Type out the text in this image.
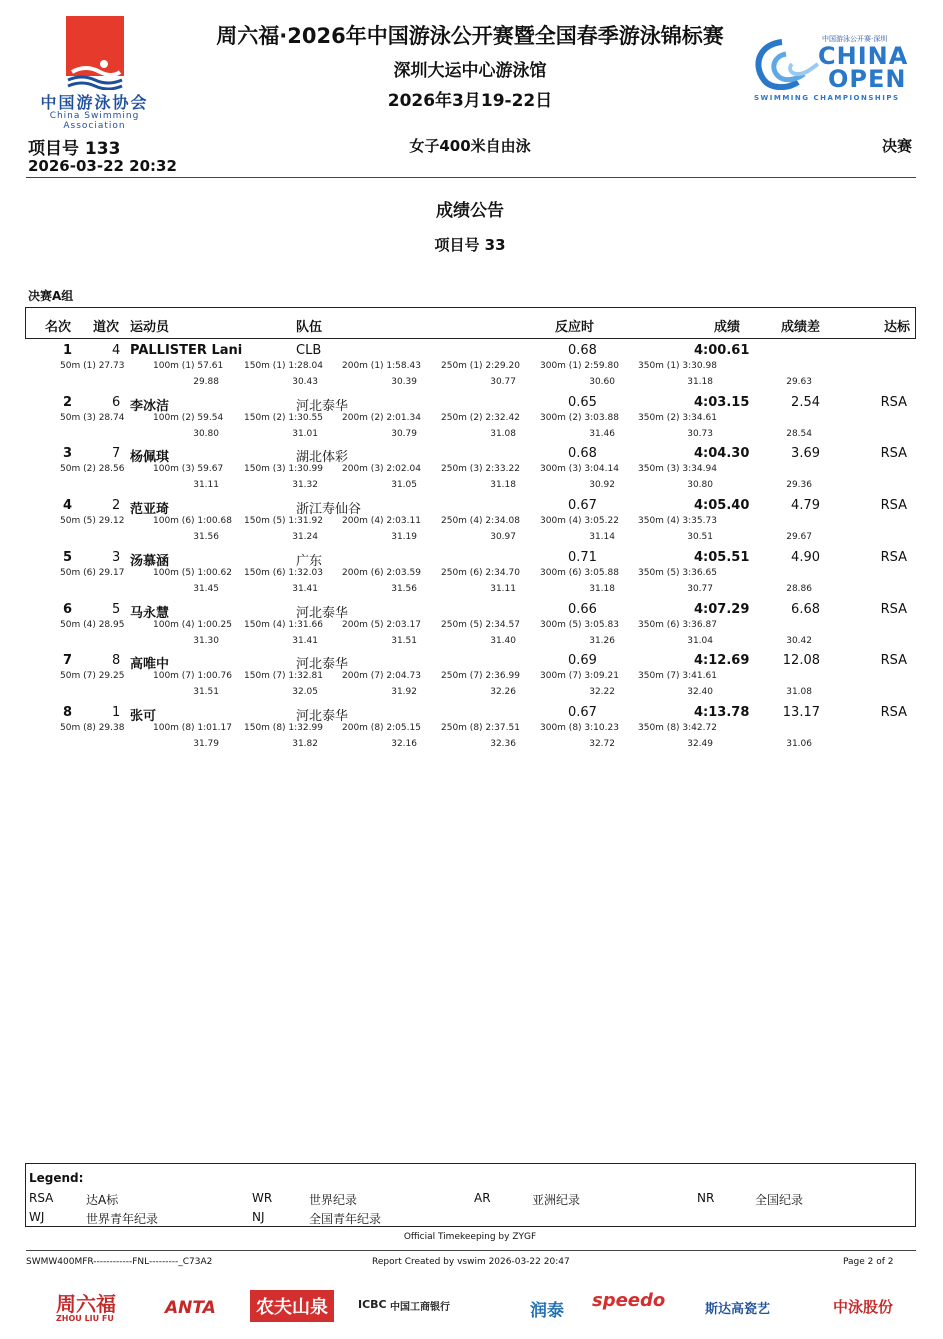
中国游泳协会
China Swimming Association
周六福·2026年中国游泳公开赛暨全国春季游泳锦标赛
深圳大运中心游泳馆
2026年3月19-22日
中国游泳公开赛·深圳
CHINA
OPEN
SWIMMING CHAMPIONSHIPS
项目号 133
2026-03-22 20:32
女子400米自由泳	决赛
成绩公告
项目号 33
决赛A组
名次 道次 运动员	队伍	反应时	成绩	成绩差	达标
1	4 PALLISTER Lani	CLB	0.68	4:00.61
50m (1) 27.73	100m (1) 57.61 150m (1) 1:28.04 200m (1) 1:58.43 250m (1) 2:29.20 300m (1) 2:59.80 350m (1) 3:30.98
29.88	30.43	30.39	30.77	30.60	31.18	29.63
2	6 李冰洁	河北泰华	0.65	4:03.15	2.54	RSA
50m (3) 28.74	100m (2) 59.54 150m (2) 1:30.55 200m (2) 2:01.34 250m (2) 2:32.42 300m (2) 3:03.88 350m (2) 3:34.61
30.80	31.01	30.79	31.08	31.46	30.73	28.54
3	7 杨佩琪	湖北体彩	0.68	4:04.30	3.69	RSA
50m (2) 28.56	100m (3) 59.67 150m (3) 1:30.99 200m (3) 2:02.04 250m (3) 2:33.22 300m (3) 3:04.14 350m (3) 3:34.94
31.11	31.32	31.05	31.18	30.92	30.80	29.36
4	2 范亚琦	浙江寿仙谷	0.67	4:05.40	4.79	RSA
50m (5) 29.12	100m (6) 1:00.68 150m (5) 1:31.92 200m (4) 2:03.11 250m (4) 2:34.08 300m (4) 3:05.22 350m (4) 3:35.73
31.56	31.24	31.19	30.97	31.14	30.51	29.67
5	3 汤慕涵	广东	0.71	4:05.51	4.90	RSA
50m (6) 29.17	100m (5) 1:00.62 150m (6) 1:32.03 200m (6) 2:03.59 250m (6) 2:34.70 300m (6) 3:05.88 350m (5) 3:36.65
31.45	31.41	31.56	31.11	31.18	30.77	28.86
6	5 马永慧	河北泰华	0.66	4:07.29	6.68	RSA
50m (4) 28.95	100m (4) 1:00.25 150m (4) 1:31.66 200m (5) 2:03.17 250m (5) 2:34.57 300m (5) 3:05.83 350m (6) 3:36.87
31.30	31.41	31.51	31.40	31.26	31.04	30.42
7	8 高唯中	河北泰华	0.69	4:12.69	12.08	RSA
50m (7) 29.25	100m (7) 1:00.76 150m (7) 1:32.81 200m (7) 2:04.73 250m (7) 2:36.99 300m (7) 3:09.21 350m (7) 3:41.61
31.51	32.05	31.92	32.26	32.22	32.40	31.08
8	1 张可	河北泰华	0.67	4:13.78	13.17	RSA
50m (8) 29.38	100m (8) 1:01.17 150m (8) 1:32.99 200m (8) 2:05.15 250m (8) 2:37.51 300m (8) 3:10.23 350m (8) 3:42.72
31.79	31.82	32.16	32.36	32.72	32.49	31.06
Legend:
RSA	达A标	WR	世界纪录	AR	亚洲纪录	NR	全国纪录
WJ	世界青年纪录	NJ	全国青年纪录
Official Timekeeping by ZYGF
SWMW400MFR------------FNL---------_C73A2	Report Created by vswim 2026-03-22 20:47	Page 2 of 2
周六福
ZHOU LIU FU
ANTA	农夫山泉	ICBC 中国工商银行	润泰 speedo	斯达高瓷艺	中泳股份
